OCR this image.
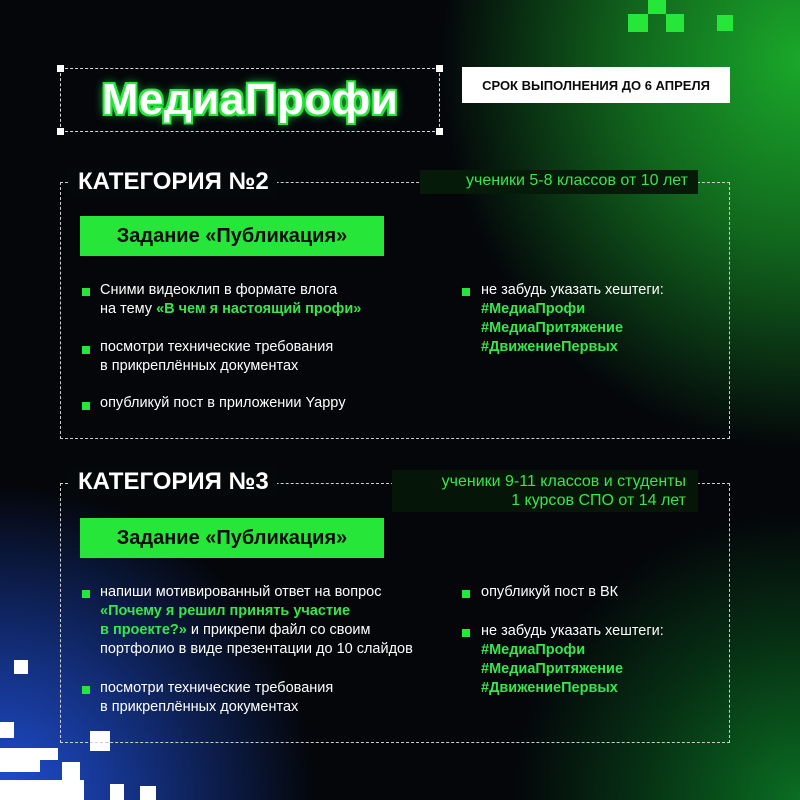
МедиаПрофи	СРОК ВЫПОЛНЕНИЯ ДО 6 АПРЕЛЯ
КАТЕГОРИЯ №2	ученики 5-8 классов от 10 лет
Задание «Публикация»
Сними видеоклип в формате влога
на тему «В чем я настоящий профи»
посмотри технические требования
в прикреплённых документах
опубликуй пост в приложении Yappy
не забудь указать хештеги:
#МедиаПрофи
#МедиаПритяжение
#ДвижениеПервых
КАТЕГОРИЯ №3	ученики 9-11 классов и студенты
1 курсов СПО от 14 лет
Задание «Публикация»
напиши мотивированный ответ на вопрос
«Почему я решил принять участие
в проекте?» и прикрепи файл со своим
портфолио в виде презентации до 10 слайдов
посмотри технические требования
в прикреплённых документах
опубликуй пост в ВК
не забудь указать хештеги:
#МедиаПрофи
#МедиаПритяжение
#ДвижениеПервых
